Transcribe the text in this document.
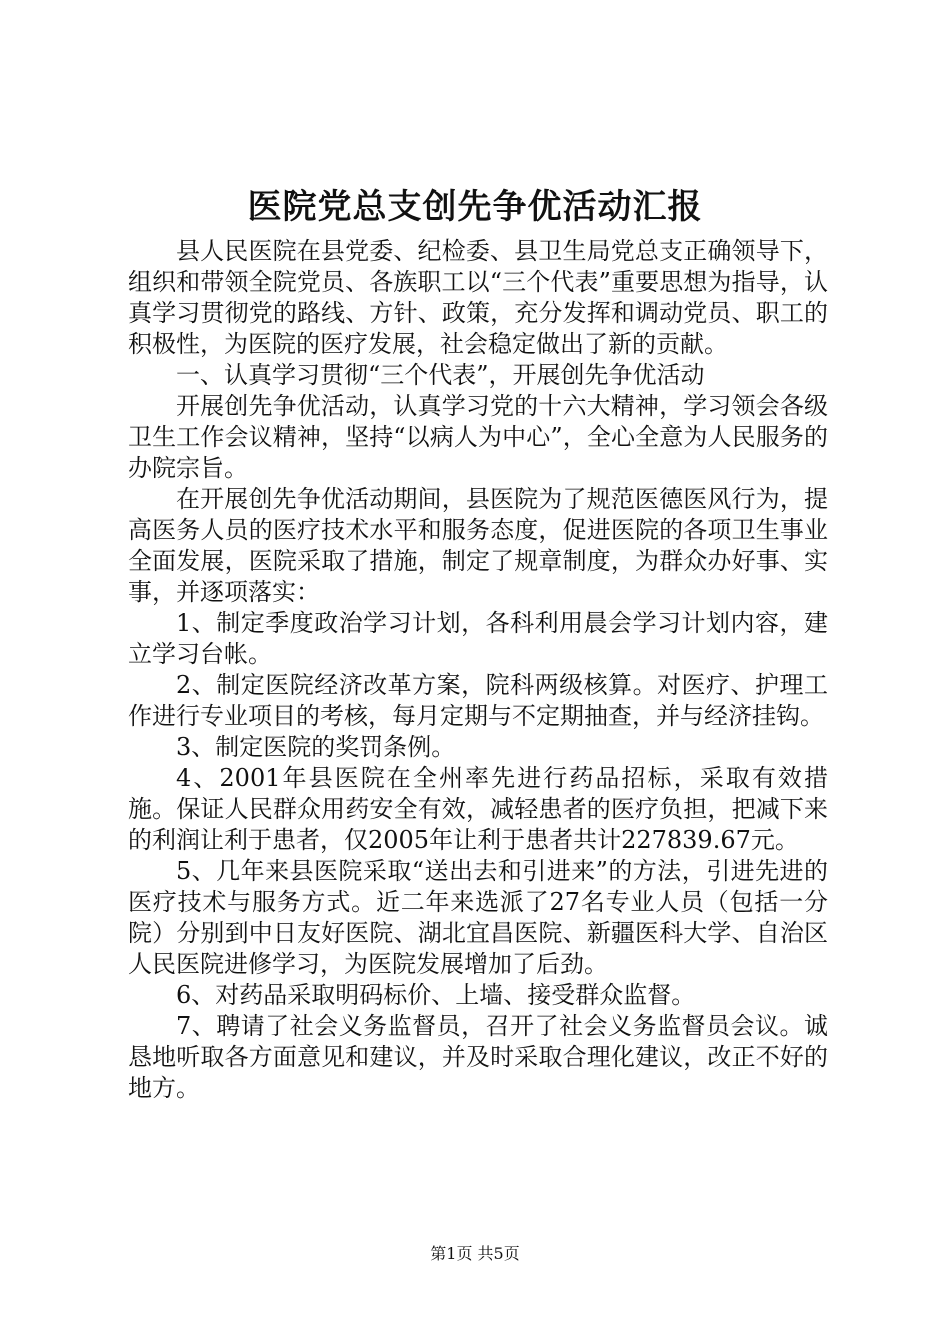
医院党总支创先争优活动汇报

县人民医院在县党委、纪检委、县卫生局党总支正确领导下，组织和带领全院党员、各族职工以“三个代表”重要思想为指导，认真学习贯彻党的路线、方针、政策，充分发挥和调动党员、职工的积极性，为医院的医疗发展，社会稳定做出了新的贡献。

一、认真学习贯彻“三个代表”，开展创先争优活动

开展创先争优活动，认真学习党的十六大精神，学习领会各级卫生工作会议精神，坚持“以病人为中心”，全心全意为人民服务的办院宗旨。

在开展创先争优活动期间，县医院为了规范医德医风行为，提高医务人员的医疗技术水平和服务态度，促进医院的各项卫生事业全面发展，医院采取了措施，制定了规章制度，为群众办好事、实事，并逐项落实：

1、制定季度政治学习计划，各科利用晨会学习计划内容，建立学习台帐。

2、制定医院经济改革方案，院科两级核算。对医疗、护理工作进行专业项目的考核，每月定期与不定期抽查，并与经济挂钩。

3、制定医院的奖罚条例。

4、2001年县医院在全州率先进行药品招标，采取有效措施。保证人民群众用药安全有效，减轻患者的医疗负担，把减下来的利润让利于患者，仅2005年让利于患者共计227839.67元。

5、几年来县医院采取“送出去和引进来”的方法，引进先进的医疗技术与服务方式。近二年来选派了27名专业人员（包括一分院）分别到中日友好医院、湖北宜昌医院、新疆医科大学、自治区人民医院进修学习，为医院发展增加了后劲。

6、对药品采取明码标价、上墙、接受群众监督。

7、聘请了社会义务监督员，召开了社会义务监督员会议。诚恳地听取各方面意见和建议，并及时采取合理化建议，改正不好的地方。

第1页 共5页
